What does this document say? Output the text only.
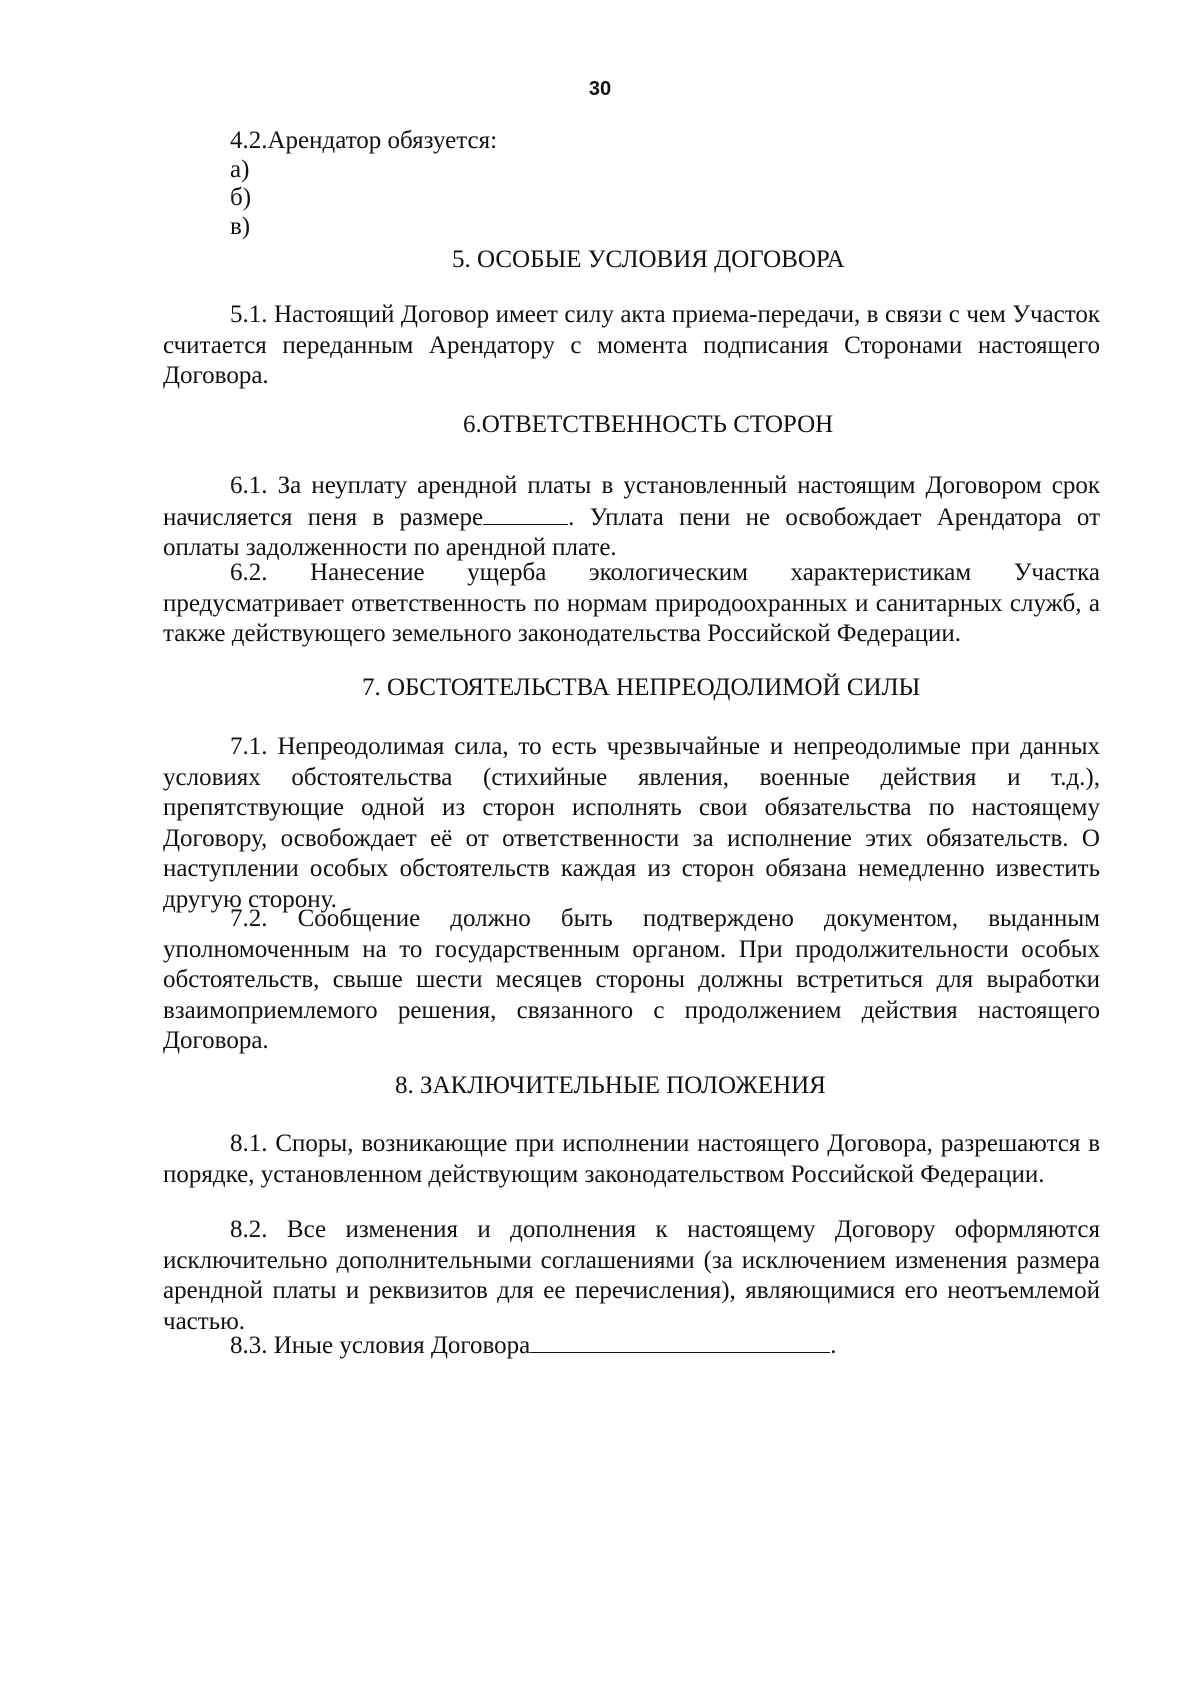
30
4.2.Арендатор обязуется:
а)
б)
в)
5. ОСОБЫЕ УСЛОВИЯ ДОГОВОРА
5.1. Настоящий Договор имеет силу акта приема-передачи, в связи с чем Участок считается переданным Арендатору с момента подписания Сторонами настоящего Договора.
6.ОТВЕТСТВЕННОСТЬ СТОРОН
6.1. За неуплату арендной платы в установленный настоящим Договором срок начисляется пеня в размере	. Уплата пени не освобождает Арендатора от оплаты задолженности по арендной плате.
6.2. Нанесение ущерба экологическим характеристикам Участка предусматривает ответственность по нормам природоохранных и санитарных служб, а также действующего земельного законодательства Российской Федерации.
7. ОБСТОЯТЕЛЬСТВА НЕПРЕОДОЛИМОЙ СИЛЫ
7.1. Непреодолимая сила, то есть чрезвычайные и непреодолимые при данных условиях обстоятельства (стихийные явления, военные действия и т.д.), препятствующие одной из сторон исполнять свои обязательства по настоящему Договору, освобождает её от ответственности за исполнение этих обязательств. О наступлении особых обстоятельств каждая из сторон обязана немедленно известить другую сторону.
7.2. Сообщение должно быть подтверждено документом, выданным уполномоченным на то государственным органом. При продолжительности особых обстоятельств, свыше шести месяцев стороны должны встретиться для выработки взаимоприемлемого решения, связанного с продолжением действия настоящего Договора.
8. ЗАКЛЮЧИТЕЛЬНЫЕ ПОЛОЖЕНИЯ
8.1. Споры, возникающие при исполнении настоящего Договора, разрешаются в порядке, установленном действующим законодательством Российской Федерации.
8.2. Все изменения и дополнения к настоящему Договору оформляются исключительно дополнительными соглашениями (за исключением изменения размера арендной платы и реквизитов для ее перечисления), являющимися его неотъемлемой частью.
8.3. Иные условия Договора	.
